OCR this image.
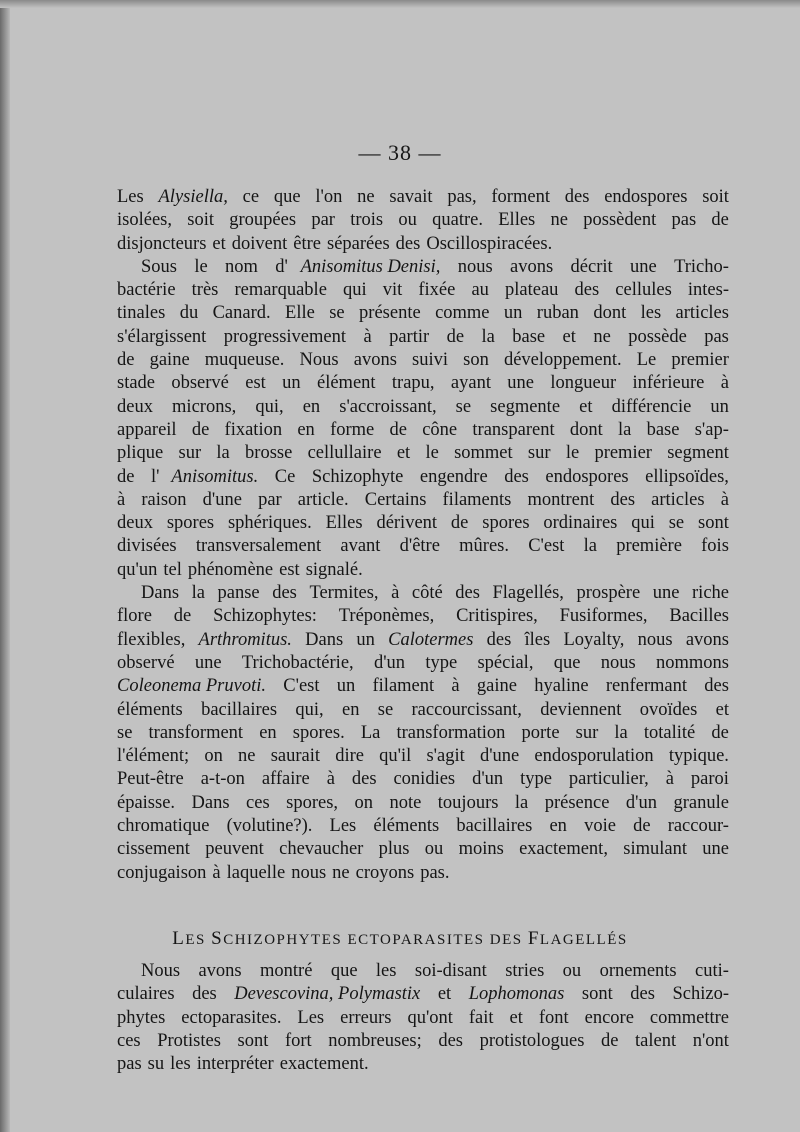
— 38 —
Les Alysiella, ce que l'on ne savait pas, forment des endospores soit
isolées, soit groupées par trois ou quatre. Elles ne possèdent pas de
disjoncteurs et doivent être séparées des Oscillospiracées.
Sous le nom d' Anisomitus Denisi, nous avons décrit une Tricho-
bactérie très remarquable qui vit fixée au plateau des cellules intes-
tinales du Canard. Elle se présente comme un ruban dont les articles
s'élargissent progressivement à partir de la base et ne possède pas
de gaine muqueuse. Nous avons suivi son développement. Le premier
stade observé est un élément trapu, ayant une longueur inférieure à
deux microns, qui, en s'accroissant, se segmente et différencie un
appareil de fixation en forme de cône transparent dont la base s'ap-
plique sur la brosse cellullaire et le sommet sur le premier segment
de l' Anisomitus. Ce Schizophyte engendre des endospores ellipsoïdes,
à raison d'une par article. Certains filaments montrent des articles à
deux spores sphériques. Elles dérivent de spores ordinaires qui se sont
divisées transversalement avant d'être mûres. C'est la première fois
qu'un tel phénomène est signalé.
Dans la panse des Termites, à côté des Flagellés, prospère une riche
flore de Schizophytes: Tréponèmes, Critispires, Fusiformes, Bacilles
flexibles, Arthromitus. Dans un Calotermes des îles Loyalty, nous avons
observé une Trichobactérie, d'un type spécial, que nous nommons
Coleonema Pruvoti. C'est un filament à gaine hyaline renfermant des
éléments bacillaires qui, en se raccourcissant, deviennent ovoïdes et
se transforment en spores. La transformation porte sur la totalité de
l'élément; on ne saurait dire qu'il s'agit d'une endosporulation typique.
Peut-être a-t-on affaire à des conidies d'un type particulier, à paroi
épaisse. Dans ces spores, on note toujours la présence d'un granule
chromatique (volutine?). Les éléments bacillaires en voie de raccour-
cissement peuvent chevaucher plus ou moins exactement, simulant une
conjugaison à laquelle nous ne croyons pas.
LES SCHIZOPHYTES ECTOPARASITES DES FLAGELLÉS
Nous avons montré que les soi-disant stries ou ornements cuti-
culaires des Devescovina, Polymastix et Lophomonas sont des Schizo-
phytes ectoparasites. Les erreurs qu'ont fait et font encore commettre
ces Protistes sont fort nombreuses; des protistologues de talent n'ont
pas su les interpréter exactement.
